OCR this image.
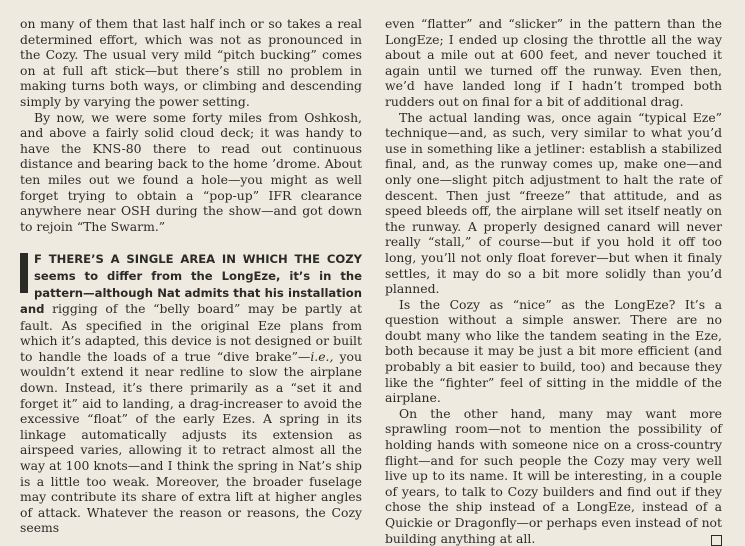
on many of them that last half inch or so takes a real determined effort, which was not as pronounced in the Cozy. The usual very mild “pitch bucking” comes on at full aft stick—but there’s still no problem in making turns both ways, or climbing and descending simply by varying the power setting.

By now, we were some forty miles from Oshkosh, and above a fairly solid cloud deck; it was handy to have the KNS-80 there to read out continuous distance and bearing back to the home ’drome. About ten miles out we found a hole—you might as well forget trying to obtain a “pop-up” IFR clearance anywhere near OSH during the show—and got down to rejoin “The Swarm.”

F THERE’S A SINGLE AREA IN WHICH THE COZY seems to differ from the LongEze, it’s in the pattern—although Nat admits that his installation and rigging of the “belly board” may be partly at fault. As specified in the original Eze plans from which it’s adapted, this device is not designed or built to handle the loads of a true “dive brake”—i.e., you wouldn’t extend it near redline to slow the airplane down. Instead, it’s there primarily as a “set it and forget it” aid to landing, a drag-increaser to avoid the excessive “float” of the early Ezes. A spring in its linkage automatically adjusts its extension as airspeed varies, allowing it to retract almost all the way at 100 knots—and I think the spring in Nat’s ship is a little too weak. Moreover, the broader fuselage may contribute its share of extra lift at higher angles of attack. Whatever the reason or reasons, the Cozy seems

even “flatter” and “slicker” in the pattern than the LongEze; I ended up closing the throttle all the way about a mile out at 600 feet, and never touched it again until we turned off the runway. Even then, we’d have landed long if I hadn’t tromped both rudders out on final for a bit of additional drag.

The actual landing was, once again “typical Eze” technique—and, as such, very similar to what you’d use in something like a jetliner: establish a stabilized final, and, as the runway comes up, make one—and only one—slight pitch adjustment to halt the rate of descent. Then just “freeze” that attitude, and as speed bleeds off, the airplane will set itself neatly on the runway. A properly designed canard will never really “stall,” of course—but if you hold it off too long, you’ll not only float forever—but when it finaly settles, it may do so a bit more solidly than you’d planned.

Is the Cozy as “nice” as the LongEze? It’s a question without a simple answer. There are no doubt many who like the tandem seating in the Eze, both because it may be just a bit more efficient (and probably a bit easier to build, too) and because they like the “fighter” feel of sitting in the middle of the airplane.

On the other hand, many may want more sprawling room—not to mention the possibility of holding hands with someone nice on a cross-country flight—and for such people the Cozy may very well live up to its name. It will be interesting, in a couple of years, to talk to Cozy builders and find out if they chose the ship instead of a LongEze, instead of a Quickie or Dragonfly—or perhaps even instead of not building anything at all.
